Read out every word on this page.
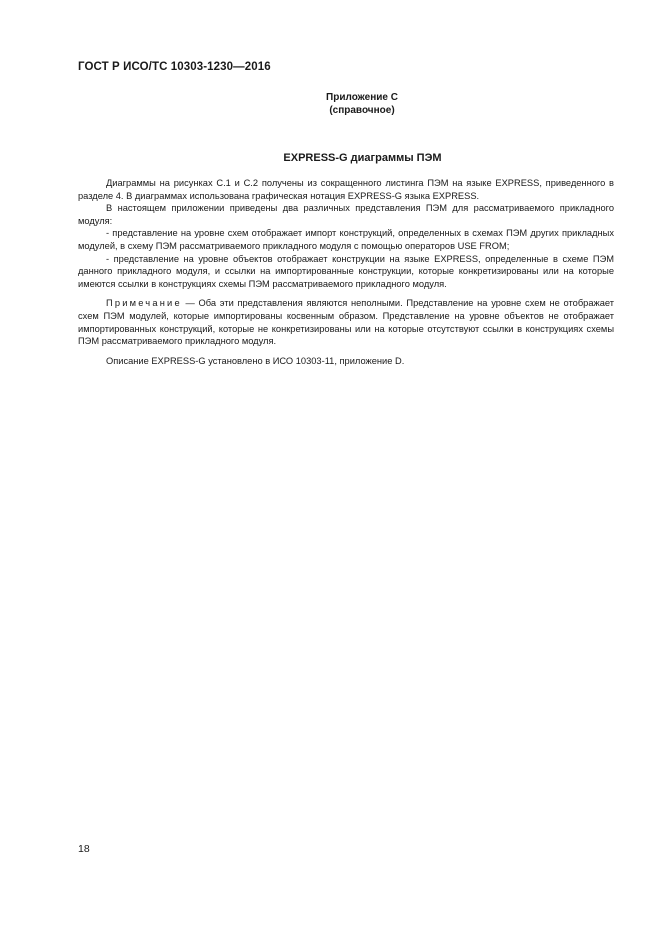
ГОСТ Р ИСО/ТС 10303-1230—2016
Приложение С
(справочное)
EXPRESS-G диаграммы ПЭМ

Диаграммы на рисунках С.1 и С.2 получены из сокращенного листинга ПЭМ на языке EXPRESS, приведенного в разделе 4. В диаграммах использована графическая нотация EXPRESS-G языка EXPRESS.

В настоящем приложении приведены два различных представления ПЭМ для рассматриваемого прикладного модуля:

- представление на уровне схем отображает импорт конструкций, определенных в схемах ПЭМ других прикладных модулей, в схему ПЭМ рассматриваемого прикладного модуля с помощью операторов USE FROM;

- представление на уровне объектов отображает конструкции на языке EXPRESS, определенные в схеме ПЭМ данного прикладного модуля, и ссылки на импортированные конструкции, которые конкретизированы или на которые имеются ссылки в конструкциях схемы ПЭМ рассматриваемого прикладного модуля.

Примечание — Оба эти представления являются неполными. Представление на уровне схем не отображает схем ПЭМ модулей, которые импортированы косвенным образом. Представление на уровне объектов не отображает импортированных конструкций, которые не конкретизированы или на которые отсутствуют ссылки в конструкциях схемы ПЭМ рассматриваемого прикладного модуля.

Описание EXPRESS-G установлено в ИСО 10303-11, приложение D.

18
